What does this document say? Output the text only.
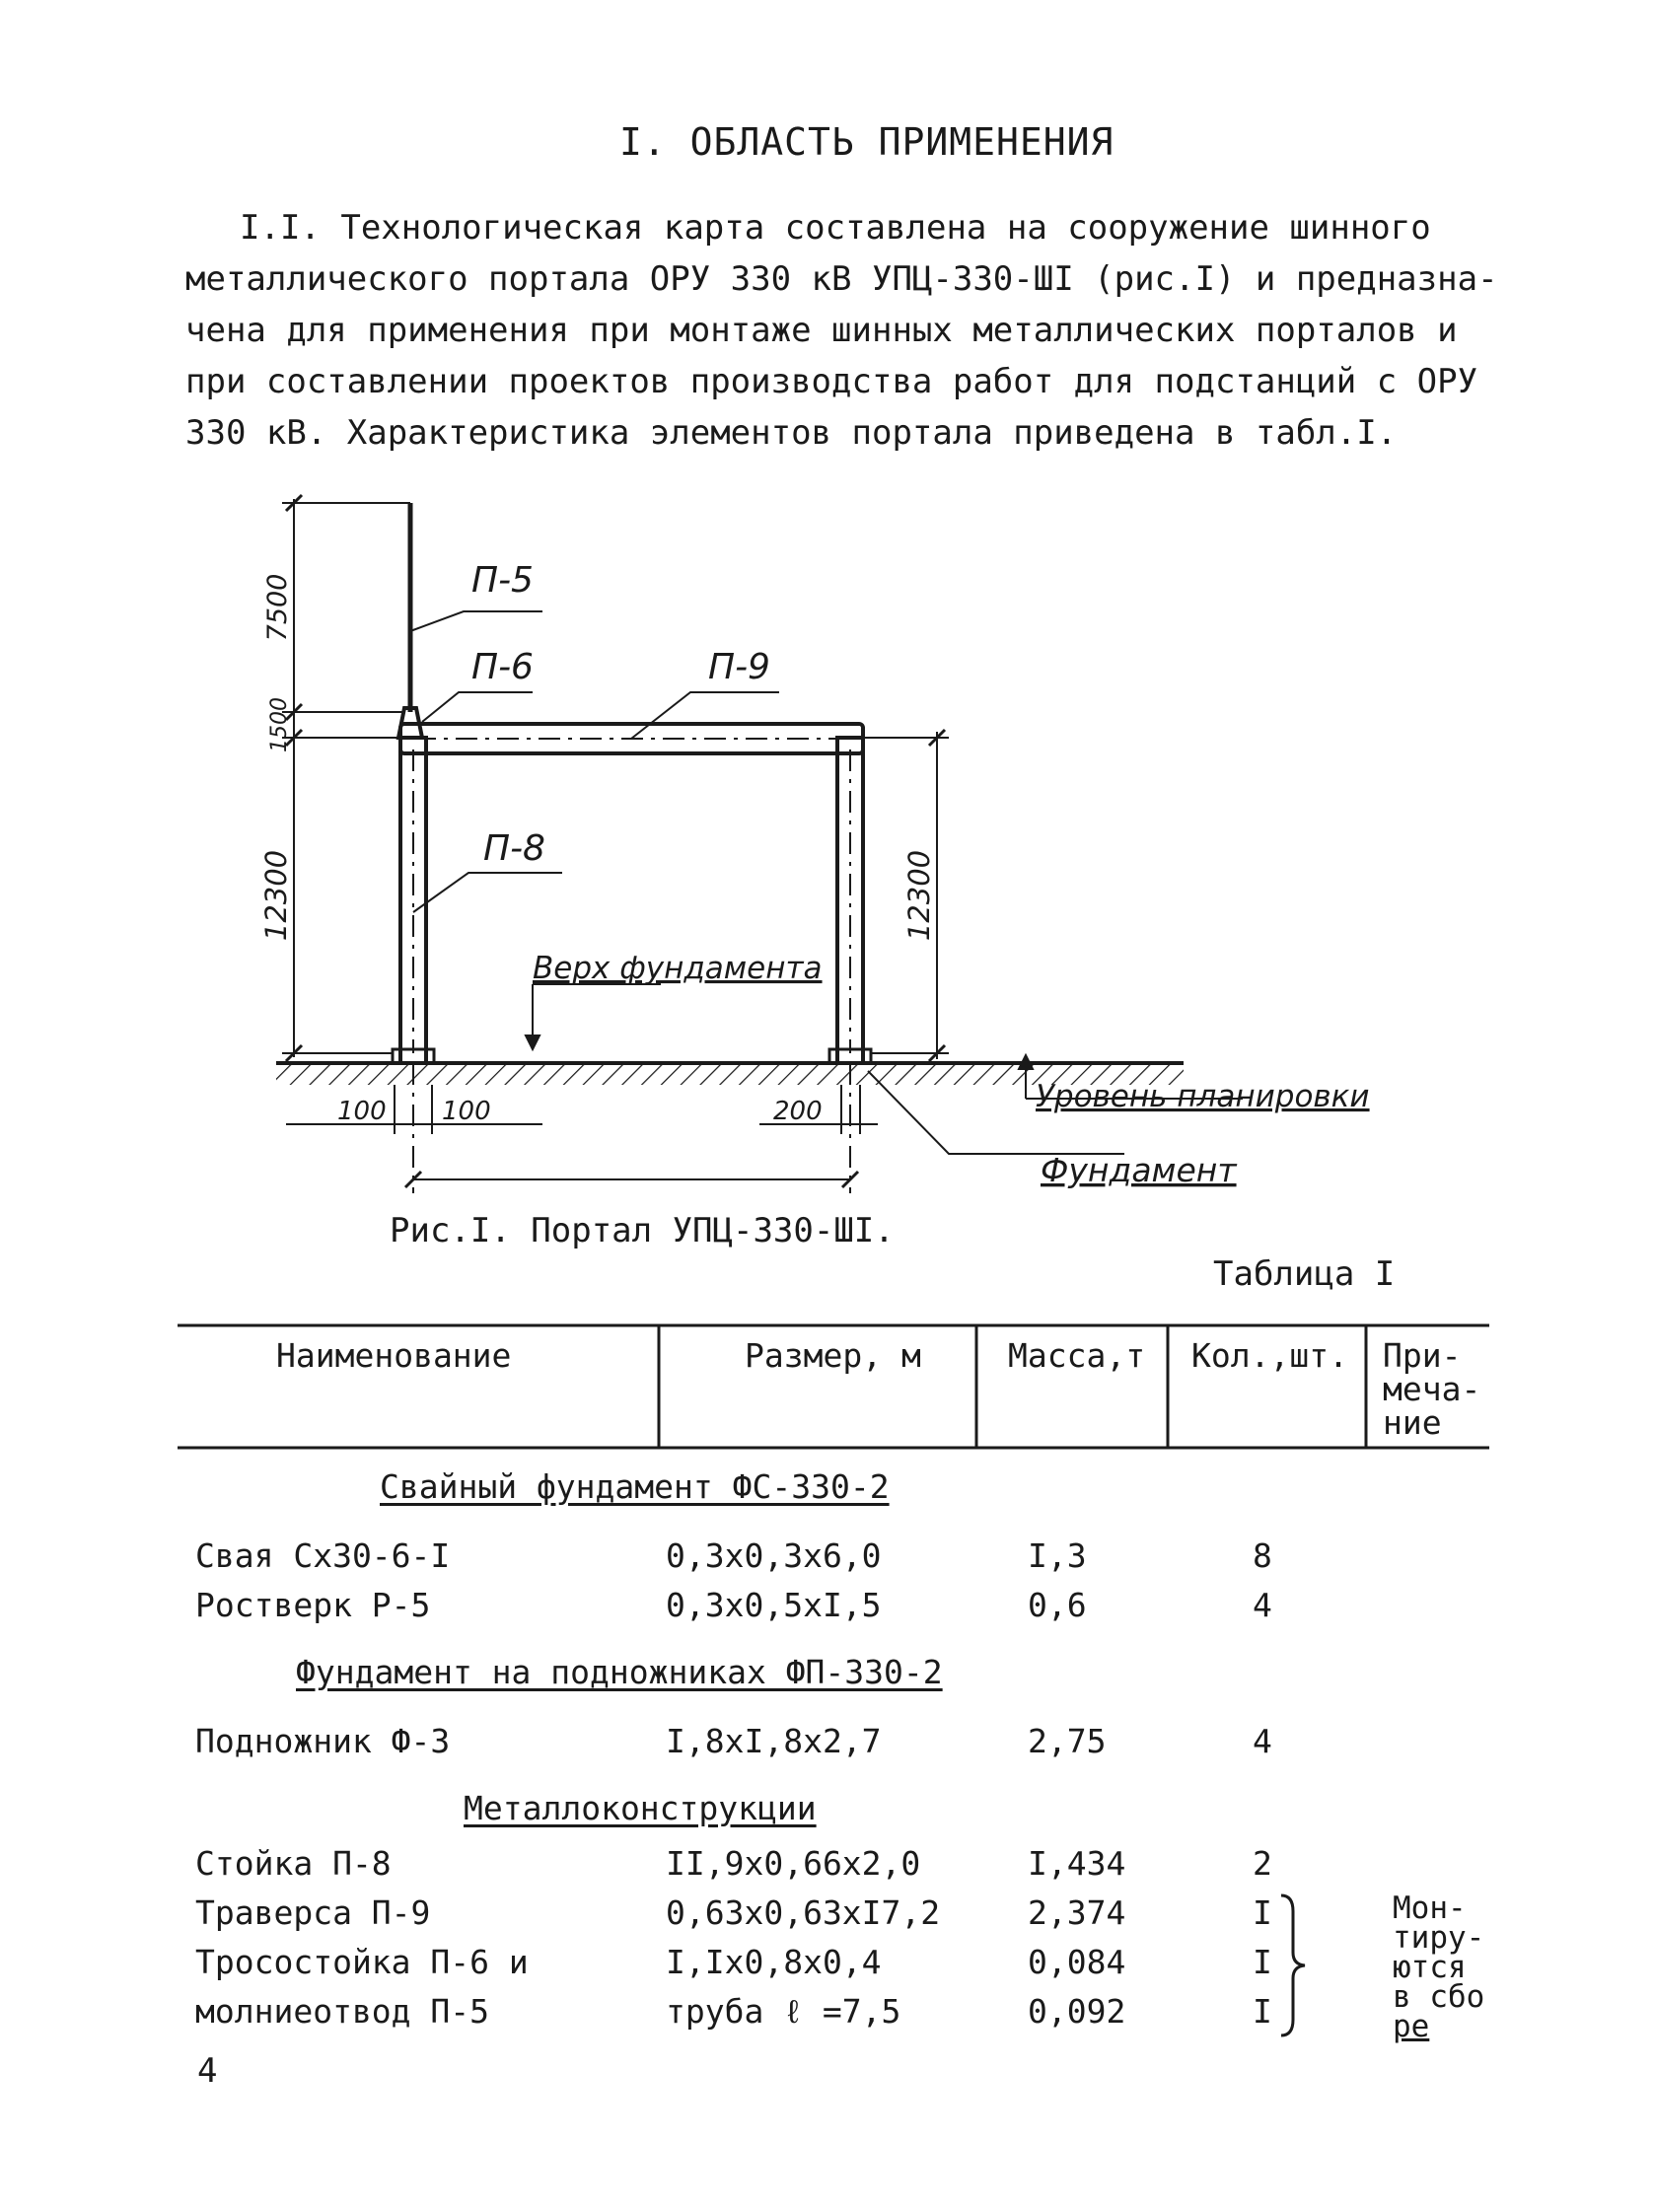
I. ОБЛАСТЬ ПРИМЕНЕНИЯ
I.I. Технологическая карта составлена на сооружение шинного
металлического портала ОРУ 330 кВ УПЦ-330-ШI (рис.I) и предназна-
чена для применения при монтаже шинных металлических порталов и
при составлении проектов производства работ для подстанций с ОРУ
330 кВ. Характеристика элементов портала приведена в табл.I.
П-5
П-6	П-9
П-8
Верх фундамента
Уровень планировки
Фундамент
7500
1500
12300	12300
100 100	200
Рис.I. Портал УПЦ-330-ШI.
Таблица I
Наименование	Размер, м	Масса,т Кол.,шт. При-
меча-
ние
Свайный фундамент ФС-330-2
Свая Сх30-6-I	0,3х0,3х6,0	I,3	8
Ростверк Р-5	0,3х0,5хI,5	0,6	4
Фундамент на подножниках ФП-330-2
Подножник Ф-3	I,8хI,8х2,7	2,75	4
Металлоконструкции
Стойка П-8	II,9х0,66х2,0	I,434	2
Траверса П-9	0,63х0,63хI7,2	2,374	I
Тросостойка П-6 и	I,Iх0,8х0,4	0,084	I
молниеотвод П-5	труба ℓ =7,5	0,092	I
Мон-
тиру-
ются
в сбо
ре
4
